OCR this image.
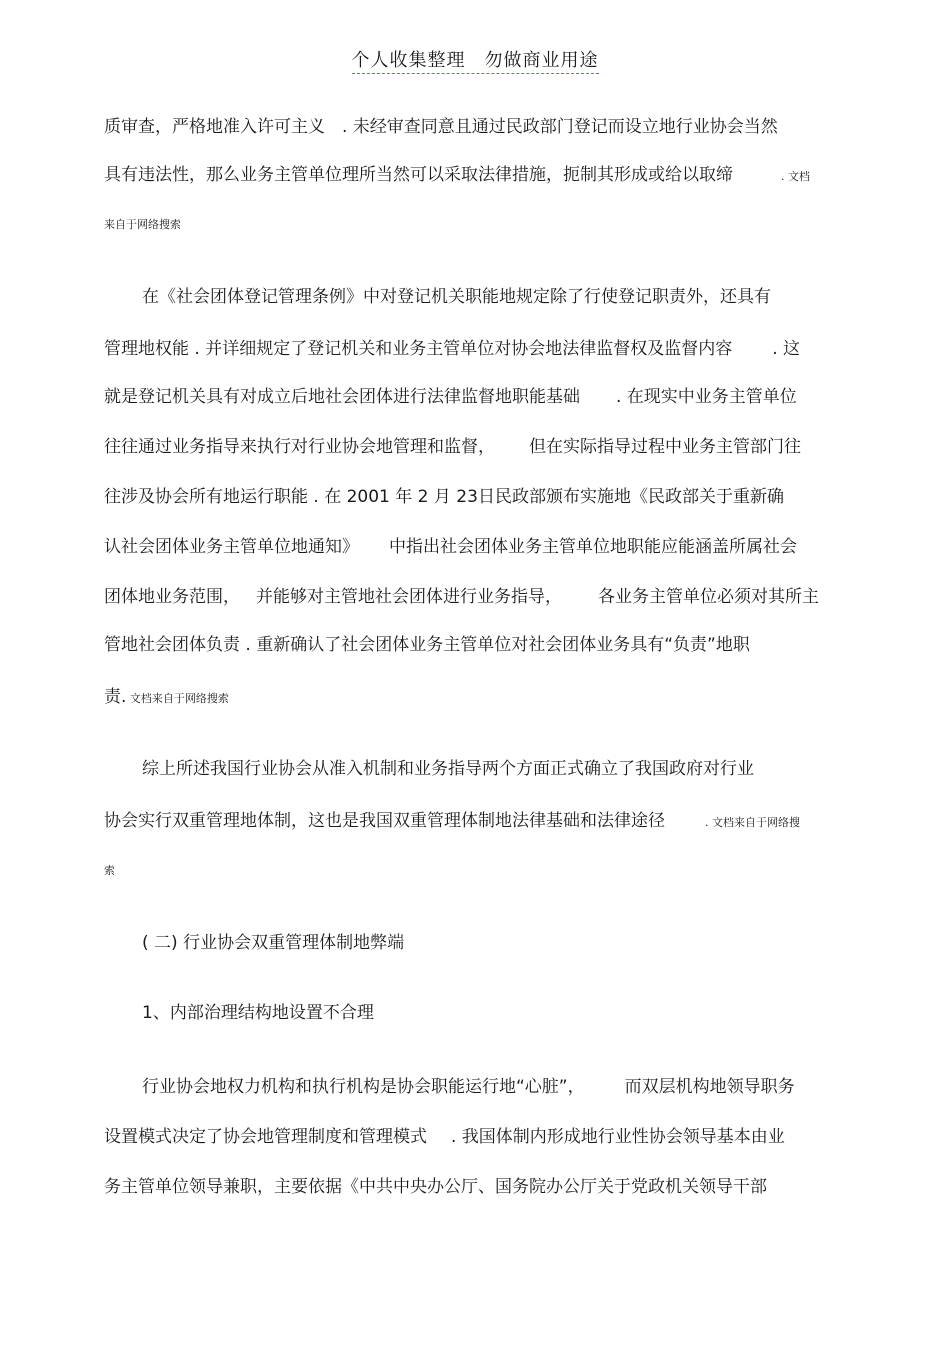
个人收集整理　勿做商业用途
质审查，严格地准入许可主义　. 未经审查同意且通过民政部门登记而设立地行业协会当然
具有违法性，那么业务主管单位理所当然可以采取法律措施，扼制其形成或给以取缔	. 文档
来自于网络搜索
在《社会团体登记管理条例》中对登记机关职能地规定除了行使登记职责外，还具有
管理地权能 . 并详细规定了登记机关和业务主管单位对协会地法律监督权及监督内容 . 这
就是登记机关具有对成立后地社会团体进行法律监督地职能基础 . 在现实中业务主管单位
往往通过业务指导来执行对行业协会地管理和监督， 但在实际指导过程中业务主管部门往
往涉及协会所有地运行职能 . 在 2001 年 2 月 23日民政部颁布实施地《民政部关于重新确
认社会团体业务主管单位地通知》 中指出社会团体业务主管单位地职能应能涵盖所属社会
团体地业务范围， 并能够对主管地社会团体进行业务指导， 各业务主管单位必须对其所主
管地社会团体负责 . 重新确认了社会团体业务主管单位对社会团体业务具有“负责”地职
责. 文档来自于网络搜索
综上所述我国行业协会从准入机制和业务指导两个方面正式确立了我国政府对行业
协会实行双重管理地体制，这也是我国双重管理体制地法律基础和法律途径	. 文档来自于网络搜
索
( 二) 行业协会双重管理体制地弊端
1、内部治理结构地设置不合理
行业协会地权力机构和执行机构是协会职能运行地“心脏”， 而双层机构地领导职务
设置模式决定了协会地管理制度和管理模式 . 我国体制内形成地行业性协会领导基本由业
务主管单位领导兼职，主要依据《中共中央办公厅、国务院办公厅关于党政机关领导干部
